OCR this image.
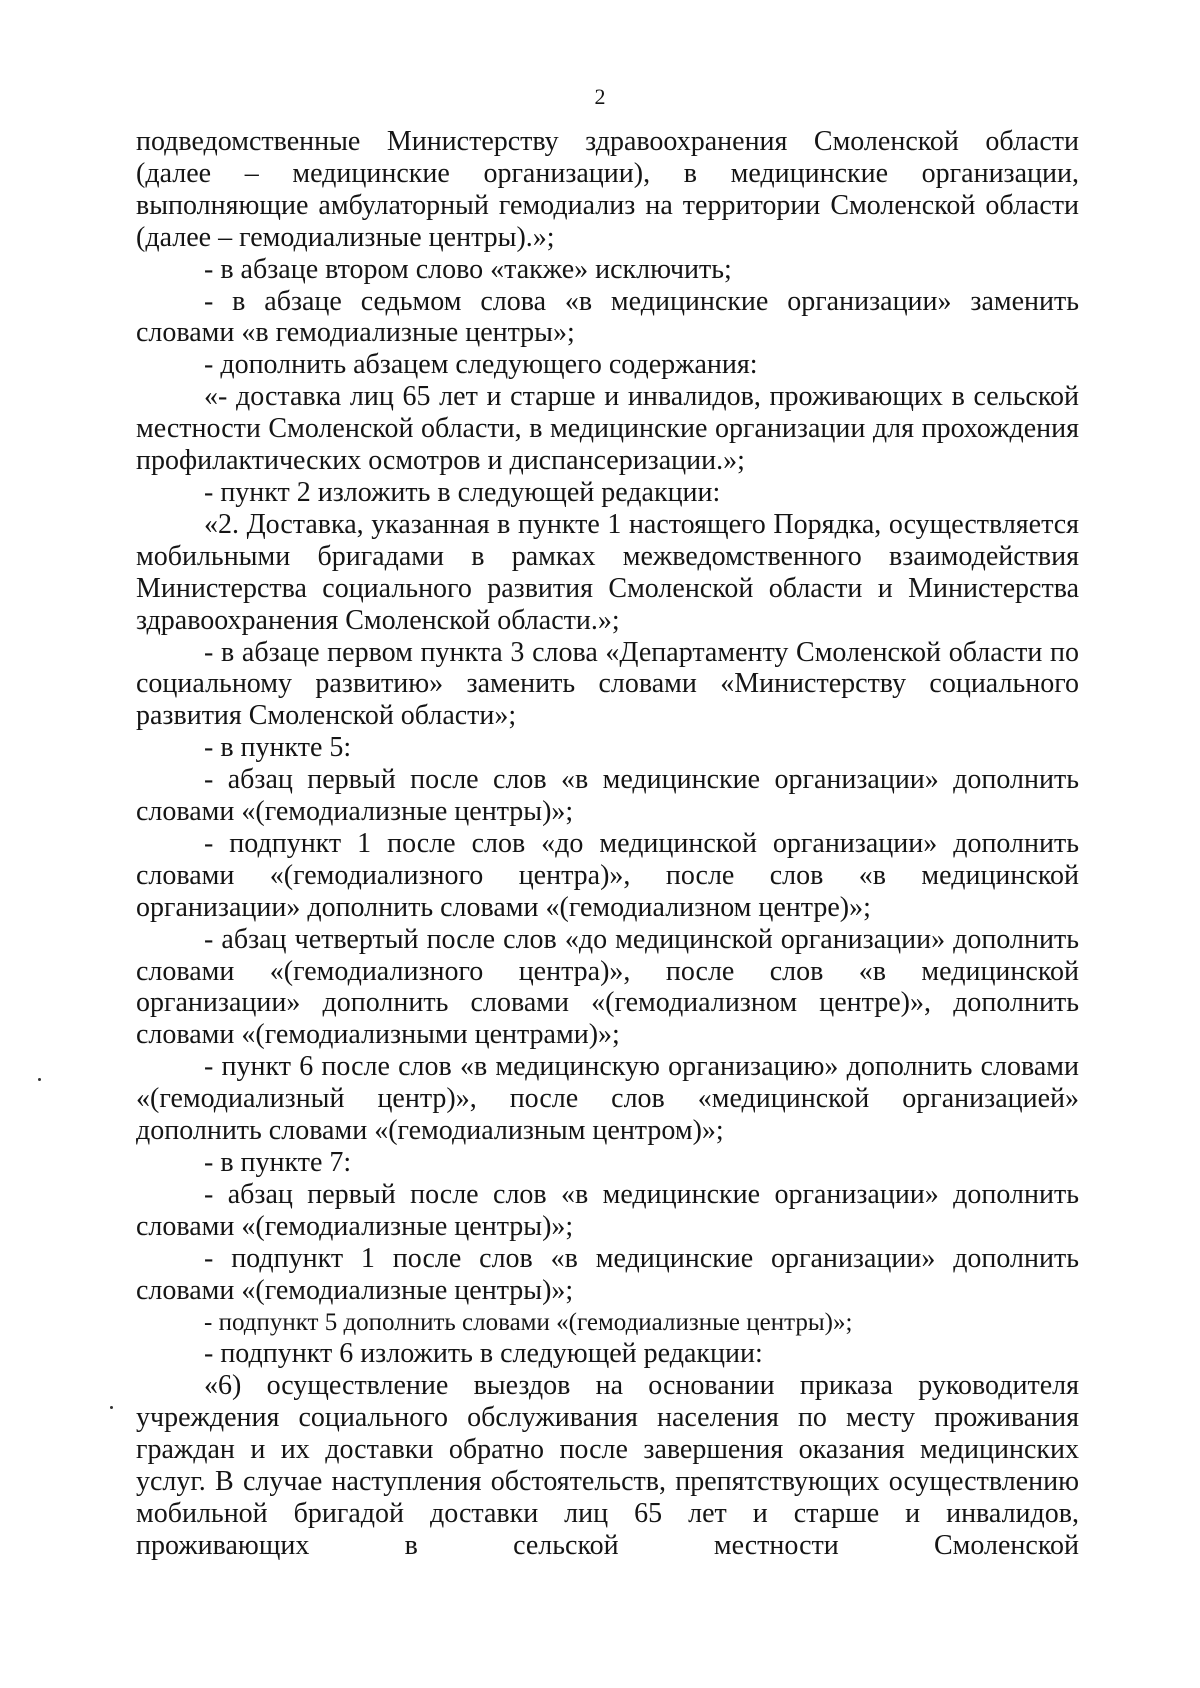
2

подведомственные Министерству здравоохранения Смоленской области (далее – медицинские организации), в медицинские организации, выполняющие амбулаторный гемодиализ на территории Смоленской области (далее – гемодиализные центры).»;

- в абзаце втором слово «также» исключить;

- в абзаце седьмом слова «в медицинские организации» заменить словами «в гемодиализные центры»;

- дополнить абзацем следующего содержания:

«- доставка лиц 65 лет и старше и инвалидов, проживающих в сельской местности Смоленской области, в медицинские организации для прохождения профилактических осмотров и диспансеризации.»;

- пункт 2 изложить в следующей редакции:

«2. Доставка, указанная в пункте 1 настоящего Порядка, осуществляется мобильными бригадами в рамках межведомственного взаимодействия Министерства социального развития Смоленской области и Министерства здравоохранения Смоленской области.»;

- в абзаце первом пункта 3 слова «Департаменту Смоленской области по социальному развитию» заменить словами «Министерству социального развития Смоленской области»;

- в пункте 5:

- абзац первый после слов «в медицинские организации» дополнить словами «(гемодиализные центры)»;

- подпункт 1 после слов «до медицинской организации» дополнить словами «(гемодиализного центра)», после слов «в медицинской организации» дополнить словами «(гемодиализном центре)»;

- абзац четвертый после слов «до медицинской организации» дополнить словами «(гемодиализного центра)», после слов «в медицинской организации» дополнить словами «(гемодиализном центре)», дополнить словами «(гемодиализными центрами)»;

- пункт 6 после слов «в медицинскую организацию» дополнить словами «(гемодиализный центр)», после слов «медицинской организацией» дополнить словами «(гемодиализным центром)»;

- в пункте 7:

- абзац первый после слов «в медицинские организации» дополнить словами «(гемодиализные центры)»;

- подпункт 1 после слов «в медицинские организации» дополнить словами «(гемодиализные центры)»;

- подпункт 5 дополнить словами «(гемодиализные центры)»;

- подпункт 6 изложить в следующей редакции:

«6) осуществление выездов на основании приказа руководителя учреждения социального обслуживания населения по месту проживания граждан и их доставки обратно после завершения оказания медицинских услуг. В случае наступления обстоятельств, препятствующих осуществлению мобильной бригадой доставки лиц 65 лет и старше и инвалидов, проживающих в сельской местности Смоленской
